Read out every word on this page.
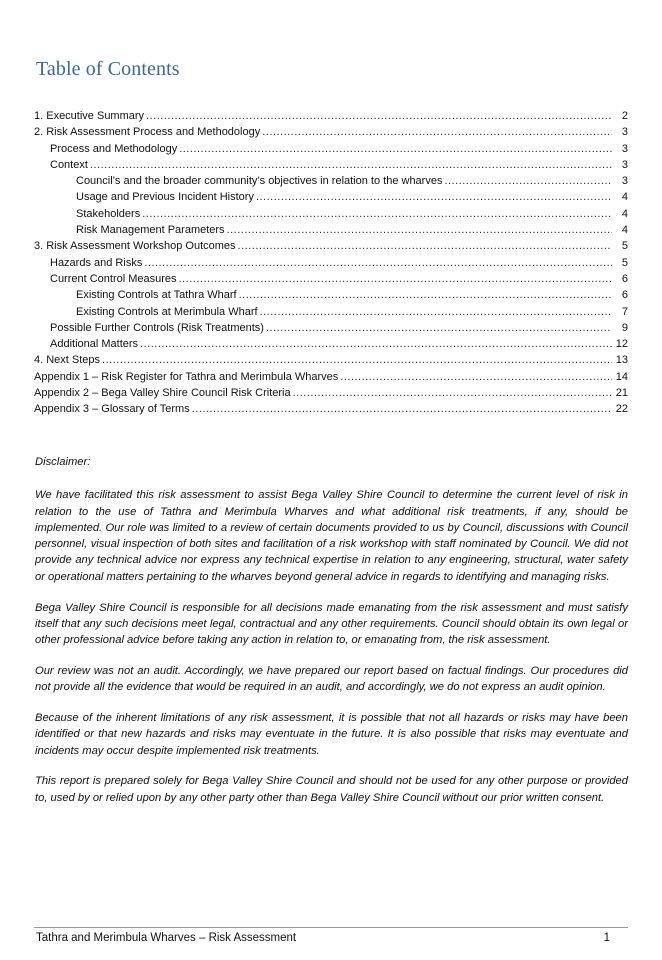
Table of Contents
1. Executive Summary .....	2
2. Risk Assessment Process and Methodology .....	3
Process and Methodology .....	3
Context .....	3
Council’s and the broader community’s objectives in relation to the wharves .....	3
Usage and Previous Incident History .....	4
Stakeholders .....	4
Risk Management Parameters .....	4
3. Risk Assessment Workshop Outcomes .....	5
Hazards and Risks .....	5
Current Control Measures .....	6
Existing Controls at Tathra Wharf .....	6
Existing Controls at Merimbula Wharf .....	7
Possible Further Controls (Risk Treatments) .....	9
Additional Matters .....	12
4. Next Steps .....	13
Appendix 1 – Risk Register for Tathra and Merimbula Wharves .....	14
Appendix 2 – Bega Valley Shire Council Risk Criteria .....	21
Appendix 3 – Glossary of Terms .....	22

Disclaimer:

We have facilitated this risk assessment to assist Bega Valley Shire Council to determine the current level of risk in relation to the use of Tathra and Merimbula Wharves and what additional risk treatments, if any, should be implemented. Our role was limited to a review of certain documents provided to us by Council, discussions with Council personnel, visual inspection of both sites and facilitation of a risk workshop with staff nominated by Council. We did not provide any technical advice nor express any technical expertise in relation to any engineering, structural, water safety or operational matters pertaining to the wharves beyond general advice in regards to identifying and managing risks.

Bega Valley Shire Council is responsible for all decisions made emanating from the risk assessment and must satisfy itself that any such decisions meet legal, contractual and any other requirements. Council should obtain its own legal or other professional advice before taking any action in relation to, or emanating from, the risk assessment.

Our review was not an audit. Accordingly, we have prepared our report based on factual findings. Our procedures did not provide all the evidence that would be required in an audit, and accordingly, we do not express an audit opinion.

Because of the inherent limitations of any risk assessment, it is possible that not all hazards or risks may have been identified or that new hazards and risks may eventuate in the future. It is also possible that risks may eventuate and incidents may occur despite implemented risk treatments.

This report is prepared solely for Bega Valley Shire Council and should not be used for any other purpose or provided to, used by or relied upon by any other party other than Bega Valley Shire Council without our prior written consent.

Tathra and Merimbula Wharves – Risk Assessment	1
